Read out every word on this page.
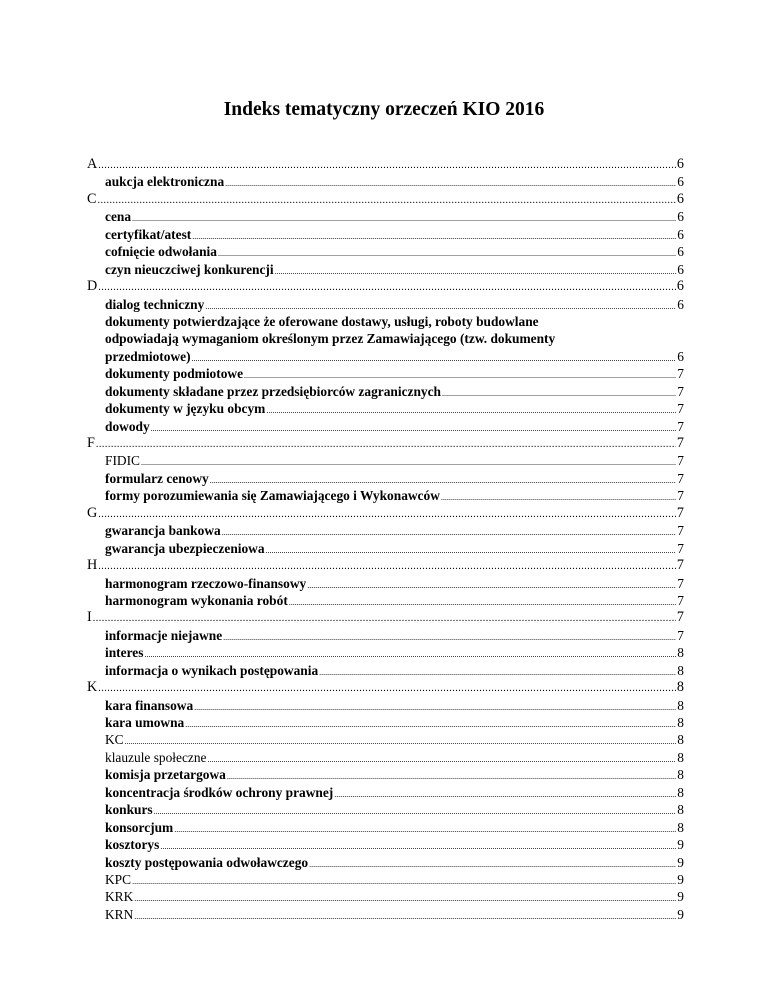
Indeks tematyczny orzeczeń KIO 2016
A .....	6
aukcja elektroniczna .....	6
C .....	6
cena .....	6
certyfikat/atest .....	6
cofnięcie odwołania .....	6
czyn nieuczciwej konkurencji .....	6
D .....	6
dialog techniczny .....	6
dokumenty potwierdzające że oferowane dostawy, usługi, roboty budowlane
odpowiadają wymaganiom określonym przez Zamawiającego (tzw. dokumenty
przedmiotowe) .....	6
dokumenty podmiotowe .....	7
dokumenty składane przez przedsiębiorców zagranicznych .....	7
dokumenty w języku obcym .....	7
dowody .....	7
F .....	7
FIDIC .....	7
formularz cenowy .....	7
formy porozumiewania się Zamawiającego i Wykonawców .....	7
G .....	7
gwarancja bankowa .....	7
gwarancja ubezpieczeniowa .....	7
H .....	7
harmonogram rzeczowo-finansowy .....	7
harmonogram wykonania robót .....	7
I .....	7
informacje niejawne .....	7
interes .....	8
informacja o wynikach postępowania .....	8
K .....	8
kara finansowa .....	8
kara umowna .....	8
KC .....	8
klauzule społeczne .....	8
komisja przetargowa .....	8
koncentracja środków ochrony prawnej .....	8
konkurs .....	8
konsorcjum .....	8
kosztorys .....	9
koszty postępowania odwoławczego .....	9
KPC .....	9
KRK .....	9
KRN .....	9
